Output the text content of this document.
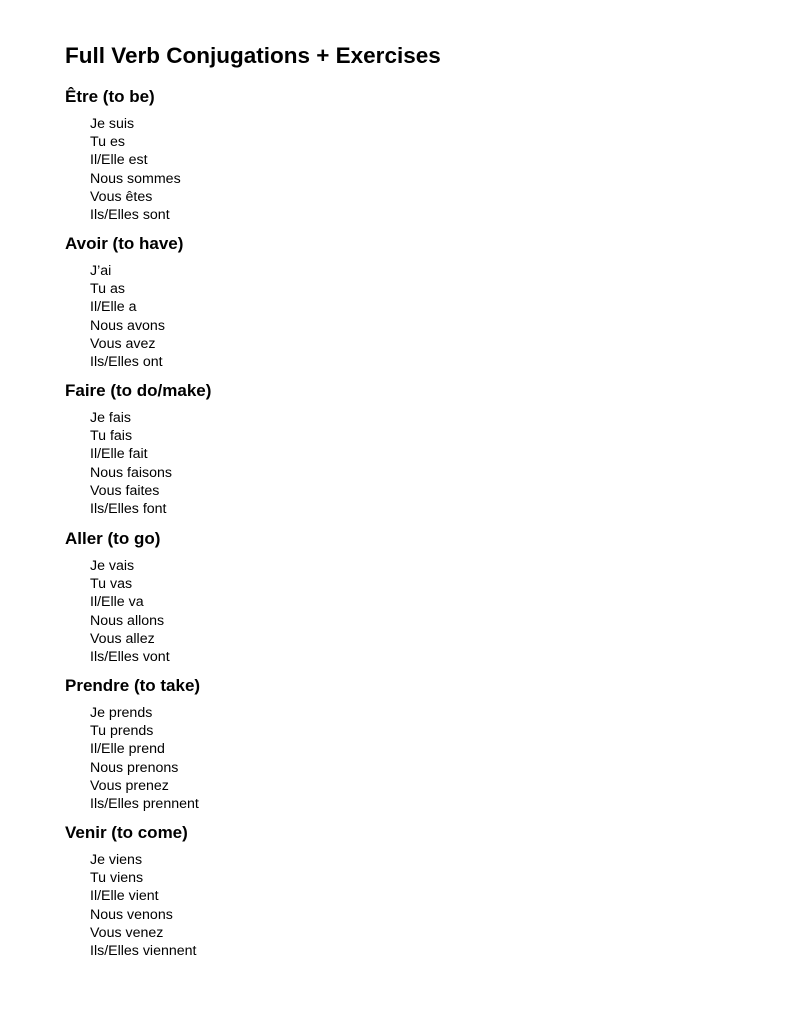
Full Verb Conjugations + Exercises
Être (to be)
Je suis
Tu es
Il/Elle est
Nous sommes
Vous êtes
Ils/Elles sont
Avoir (to have)
J’ai
Tu as
Il/Elle a
Nous avons
Vous avez
Ils/Elles ont
Faire (to do/make)
Je fais
Tu fais
Il/Elle fait
Nous faisons
Vous faites
Ils/Elles font
Aller (to go)
Je vais
Tu vas
Il/Elle va
Nous allons
Vous allez
Ils/Elles vont
Prendre (to take)
Je prends
Tu prends
Il/Elle prend
Nous prenons
Vous prenez
Ils/Elles prennent
Venir (to come)
Je viens
Tu viens
Il/Elle vient
Nous venons
Vous venez
Ils/Elles viennent
